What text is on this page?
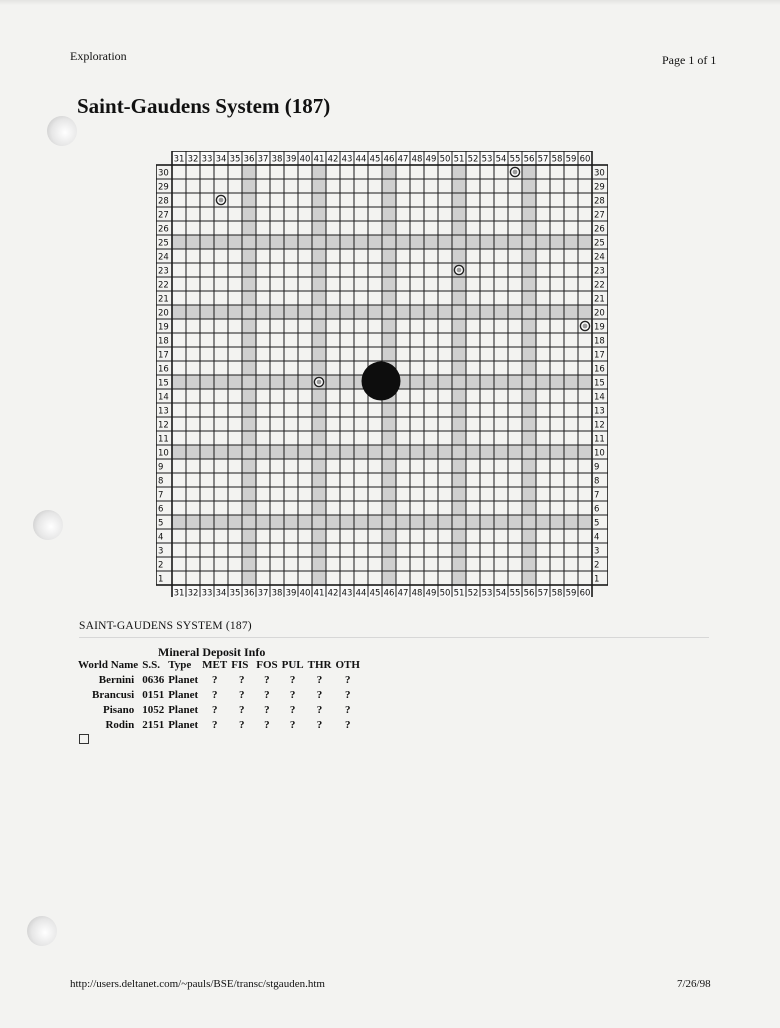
Exploration	Page 1 of 1
Saint-Gaudens System (187)
31
31
32
32
33
33
34
34
35
35
36
36
37
37
38
38
39
39
40
40
41
41
42
42
43
43
44
44
45
45
46
46
47
47
48
48
49
49
50
50
51
51
52
52
53
53
54
54
55
55
56
56
57
57
58
58
59
59
60
60
30	30
29	29
28	28
27	27
26	26
25	25
24	24
23	23
22	22
21	21
20	20
19	19
18	18
17	17
16	16
15	15
14	14
13	13
12	12
11	11
10	10
9	9
8	8
7	7
6	6
5	5
4	4
3	3
2	2
1	1
SAINT-GAUDENS SYSTEM (187)
Mineral Deposit Info
World Name	S.S.	Type	MET	FIS	FOS	PUL	THR	OTH
Bernini	0636	Planet	?	?	?	?	?	?
Brancusi	0151	Planet	?	?	?	?	?	?
Pisano	1052	Planet	?	?	?	?	?	?
Rodin	2151	Planet	?	?	?	?	?	?
http://users.deltanet.com/~pauls/BSE/transc/stgauden.htm	7/26/98
